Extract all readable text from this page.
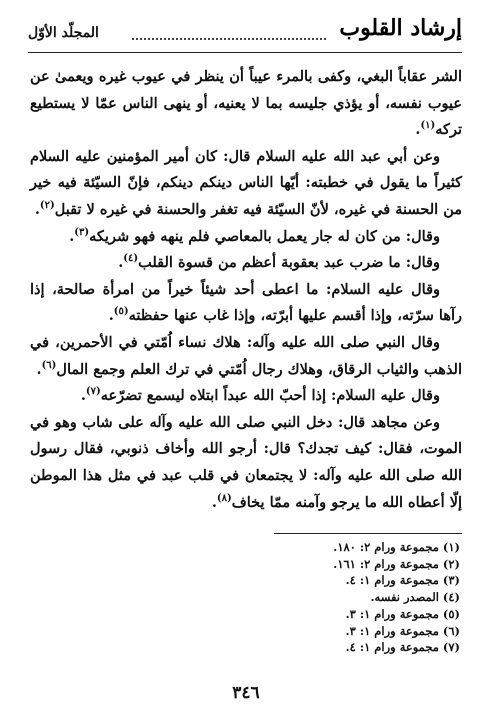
إرشاد القلوب
المجلّد الأوّل

الشر عقاباً البغي، وكفى بالمرء عيباً أن ينظر في عيوب غيره ويعمىٰ عن عيوب نفسه، أو يؤذي جليسه بما لا يعنيه، أو ينهى الناس عمّا لا يستطيع تركه$^{(١)}$.

وعن أبي عبد الله عليه السلام قال: كان أمير المؤمنين عليه السلام كثيراً ما يقول في خطبته: أيّها الناس دينكم دينكم، فإنّ السيّئة فيه خير من الحسنة في غيره، لأنّ السيّئة فيه تغفر والحسنة في غيره لا تقبل$^{(٢)}$.

وقال: من كان له جار يعمل بالمعاصي فلم ينهه فهو شريكه$^{(٣)}$.

وقال: ما ضرب عبد بعقوبة أعظم من قسوة القلب$^{(٤)}$.

وقال عليه السلام: ما اعطى أحد شيئاً خيراً من امرأة صالحة، إذا رآها سرّته، وإذا أقسم عليها أبرّته، وإذا غاب عنها حفظته$^{(٥)}$.

وقال النبي صلى الله عليه وآله: هلاك نساء اُمّتي في الأحمرين، في الذهب والثياب الرقاق، وهلاك رجال اُمّتي في ترك العلم وجمع المال$^{(٦)}$.

وقال عليه السلام: إذا أحبّ الله عبداً ابتلاه ليسمع تضرّعه$^{(٧)}$.

وعن مجاهد قال: دخل النبي صلى الله عليه وآله على شاب وهو في الموت، فقال: كيف تجدك؟ قال: أرجو الله وأخاف ذنوبي، فقال رسول الله صلى الله عليه وآله: لا يجتمعان في قلب عبد في مثل هذا الموطن إلّا أعطاه الله ما يرجو وآمنه ممّا يخاف$^{(٨)}$.

(١) مجموعة ورام ٢: ١٨٠.
(٢) مجموعة ورام ٢: ١٦١.
(٣) مجموعة ورام ١: ٤.
(٤) المصدر نفسه.
(٥) مجموعة ورام ١: ٣.
(٦) مجموعة ورام ١: ٣.
(٧) مجموعة ورام ١: ٤.
٣٤٦
